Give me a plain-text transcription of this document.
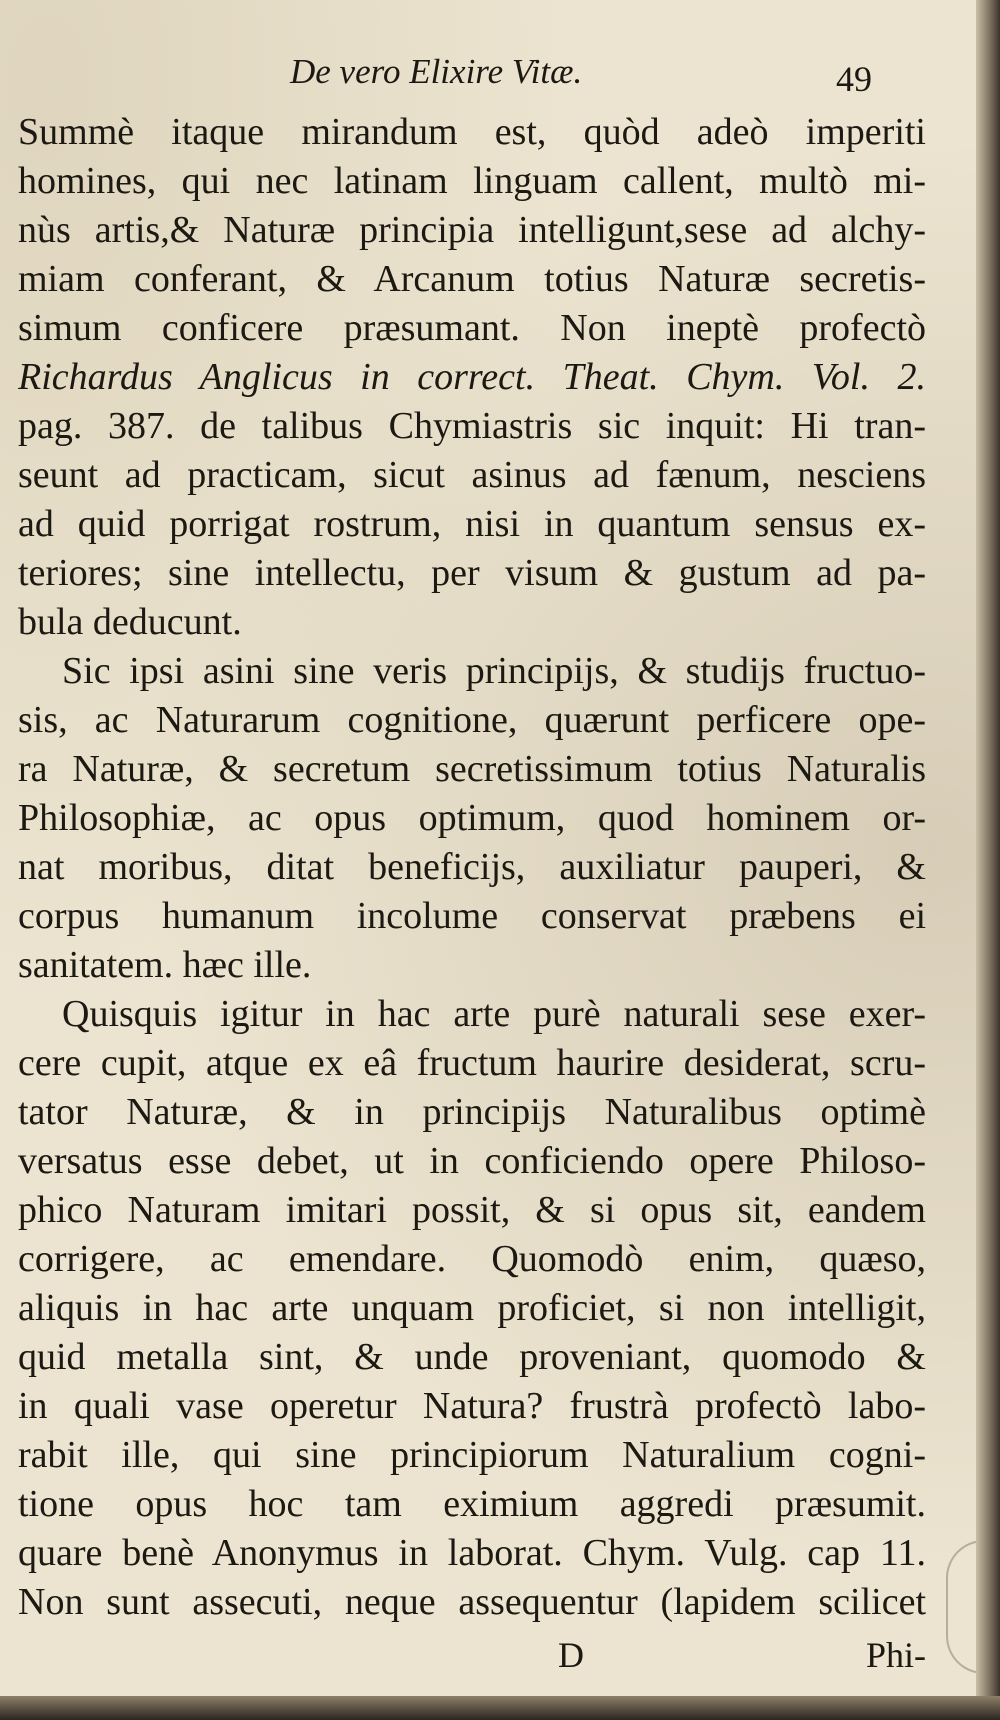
De vero Elixire Vitæ.	49
Summè itaque mirandum est, quòd adeò imperiti
homines, qui nec latinam linguam callent, multò mi-
nùs artis,& Naturæ principia intelligunt,sese ad alchy-
miam conferant, & Arcanum totius Naturæ secretis-
simum conficere præsumant. Non ineptè profectò
Richardus Anglicus in correct. Theat. Chym. Vol. 2.
pag. 387. de talibus Chymiastris sic inquit: Hi tran-
seunt ad practicam, sicut asinus ad fænum, nesciens
ad quid porrigat rostrum, nisi in quantum sensus ex-
teriores; sine intellectu, per visum & gustum ad pa-
bula deducunt.
Sic ipsi asini sine veris principijs, & studijs fructuo-
sis, ac Naturarum cognitione, quærunt perficere ope-
ra Naturæ, & secretum secretissimum totius Naturalis
Philosophiæ, ac opus optimum, quod hominem or-
nat moribus, ditat beneficijs, auxiliatur pauperi, &
corpus humanum incolume conservat præbens ei
sanitatem. hæc ille.
Quisquis igitur in hac arte purè naturali sese exer-
cere cupit, atque ex eâ fructum haurire desiderat, scru-
tator Naturæ, & in principijs Naturalibus optimè
versatus esse debet, ut in conficiendo opere Philoso-
phico Naturam imitari possit, & si opus sit, eandem
corrigere, ac emendare. Quomodò enim, quæso,
aliquis in hac arte unquam proficiet, si non intelligit,
quid metalla sint, & unde proveniant, quomodo &
in quali vase operetur Natura? frustrà profectò labo-
rabit ille, qui sine principiorum Naturalium cogni-
tione opus hoc tam eximium aggredi præsumit.
quare benè Anonymus in laborat. Chym. Vulg. cap 11.
Non sunt assecuti, neque assequentur (lapidem scilicet
D	Phi-
